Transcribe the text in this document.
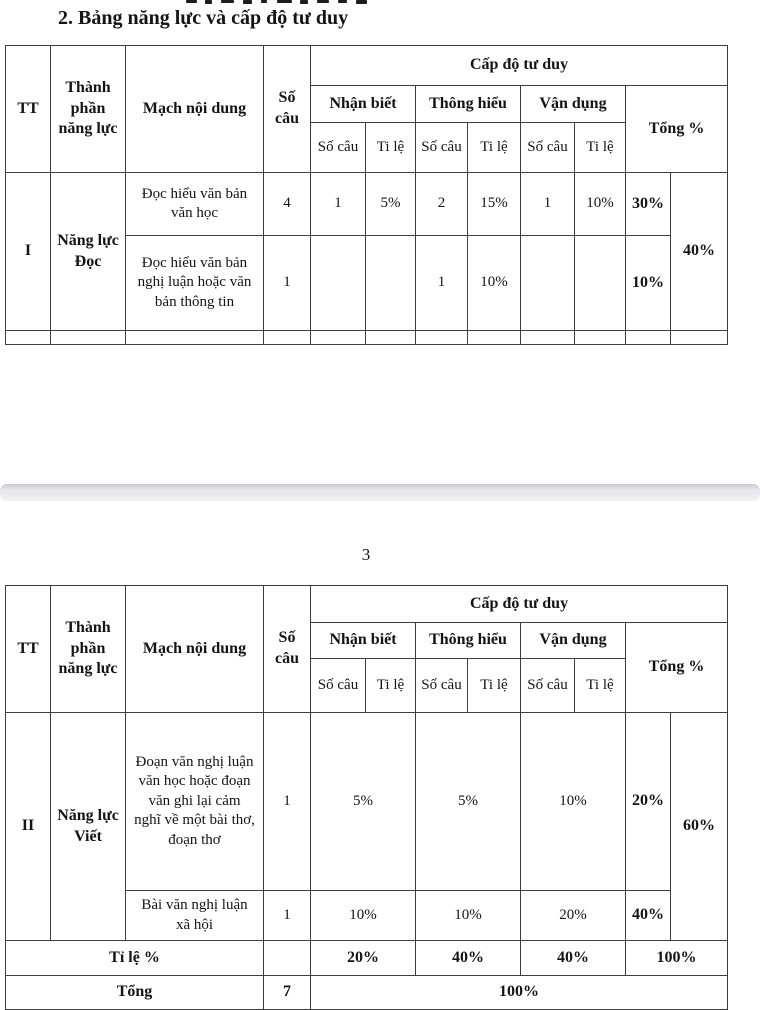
2. Bảng năng lực và cấp độ tư duy
TT	Thành phần năng lực	Mạch nội dung	Số câu	Cấp độ tư duy							
				Nhận biết		Thông hiểu		Vận dụng		Tổng %	
				Số câu	Ti lệ	Số câu	Ti lệ	Số câu	Ti lệ		
I	Năng lực Đọc	Đọc hiểu văn bản văn học	4	1	5%	2	15%	1	10%	30%	40%
		Đọc hiểu văn bản nghị luận hoặc văn bản thông tin	1			1	10%			10%	

3
TT	Thành phần năng lực	Mạch nội dung	Số câu	Cấp độ tư duy							
				Nhận biết		Thông hiểu		Vận dụng		Tổng %	
				Số câu	Ti lệ	Số câu	Ti lệ	Số câu	Ti lệ		
II	Năng lực Viết	Đoạn văn nghị luận văn học hoặc đoạn văn ghi lại cảm nghĩ về một bài thơ, đoạn thơ	1	5%		5%		10%		20%	60%
		Bài văn nghị luận xã hội	1	10%		10%		20%		40%	
Tỉ lệ %				20%		40%		40%		100%	
Tổng			7	100%							
